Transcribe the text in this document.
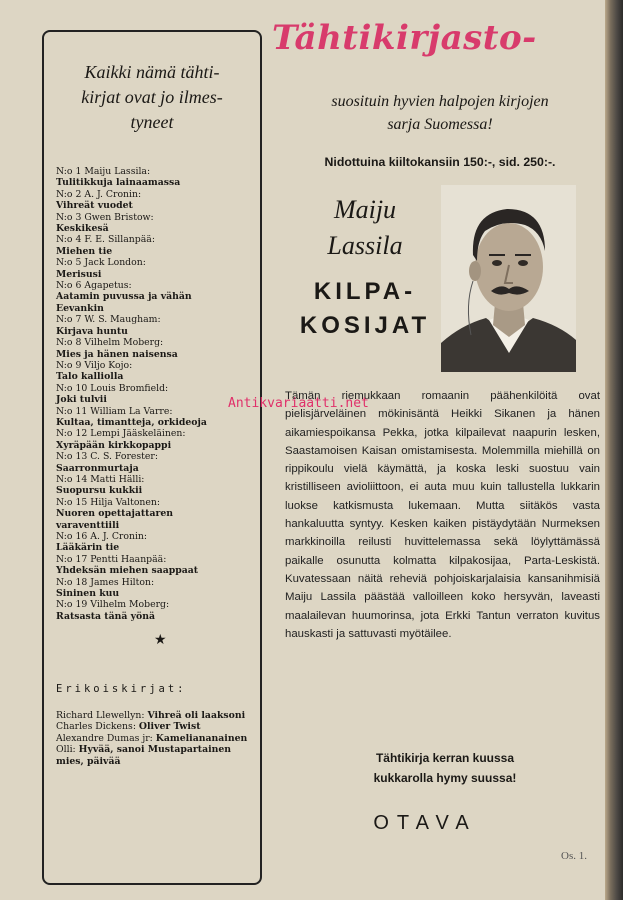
Kaikki nämä tähti-
kirjat ovat jo ilmes-
tyneet
N:o 1 Maiju Lassila:
Tulitikkuja lainaamassa
N:o 2 A. J. Cronin:
Vihreät vuodet
N:o 3 Gwen Bristow:
Keskikesä
N:o 4 F. E. Sillanpää:
Miehen tie
N:o 5 Jack London:
Merisusi
N:o 6 Agapetus:
Aatamin puvussa ja vähän Eevankin
N:o 7 W. S. Maugham:
Kirjava huntu
N:o 8 Vilhelm Moberg:
Mies ja hänen naisensa
N:o 9 Viljo Kojo:
Talo kalliolla
N:o 10 Louis Bromfield:
Joki tulvii
N:o 11 William La Varre:
Kultaa, timantteja, orkideoja
N:o 12 Lempi Jääskeläinen:
Xyräpään kirkkopappi
N:o 13 C. S. Forester:
Saarronmurtaja
N:o 14 Matti Hälli:
Suopursu kukkii
N:o 15 Hilja Valtonen:
Nuoren opettajattaren varaventtiili
N:o 16 A. J. Cronin:
Lääkärin tie
N:o 17 Pentti Haanpää:
Yhdeksän miehen saappaat
N:o 18 James Hilton:
Sininen kuu
N:o 19 Vilhelm Moberg:
Ratsasta tänä yönä
★
Erikoiskirjat:
Richard Llewellyn: Vihreä oli laaksoni
Charles Dickens: Oliver Twist
Alexandre Dumas jr: Kameliananainen
Olli: Hyvää, sanoi Mustapartainen mies, päivää
Tähtikirjasto-
suosituin hyvien halpojen kirjojen
sarja Suomessa!
Nidottuina kiiltokansiin 150:-, sid. 250:-.
Maiju
Lassila
KILPA-
KOSIJAT
Tämän riemukkaan romaanin päähenkilöitä ovat pielisjärveläinen mökinisäntä Heikki Sikanen ja hänen aikamiespoikansa Pekka, jotka kilpailevat naapurin lesken, Saastamoisen Kaisan omistamisesta. Molemmilla miehillä on rippikoulu vielä käymättä, ja koska leski suostuu vain kristilliseen avioliittoon, ei auta muu kuin tallustella lukkarin luokse katkismusta lukemaan. Mutta siitäkös vasta hankaluutta syntyy. Kesken kaiken pistäydytään Nurmeksen markkinoilla reilusti huvittelemassa sekä löylyttämässä paikalle osunutta kolmatta kilpakosijaa, Parta-Leskistä. Kuvatessaan näitä reheviä pohjoiskarjalaisia kansanihmisiä Maiju Lassila päästää valloilleen koko hersyvän, laveasti maalailevan huumorinsa, jota Erkki Tantun verraton kuvitus hauskasti ja sattuvasti myötäilee.
Antikvariaatti.net
Tähtikirja kerran kuussa
kukkarolla hymy suussa!
OTAVA
Os. 1.
